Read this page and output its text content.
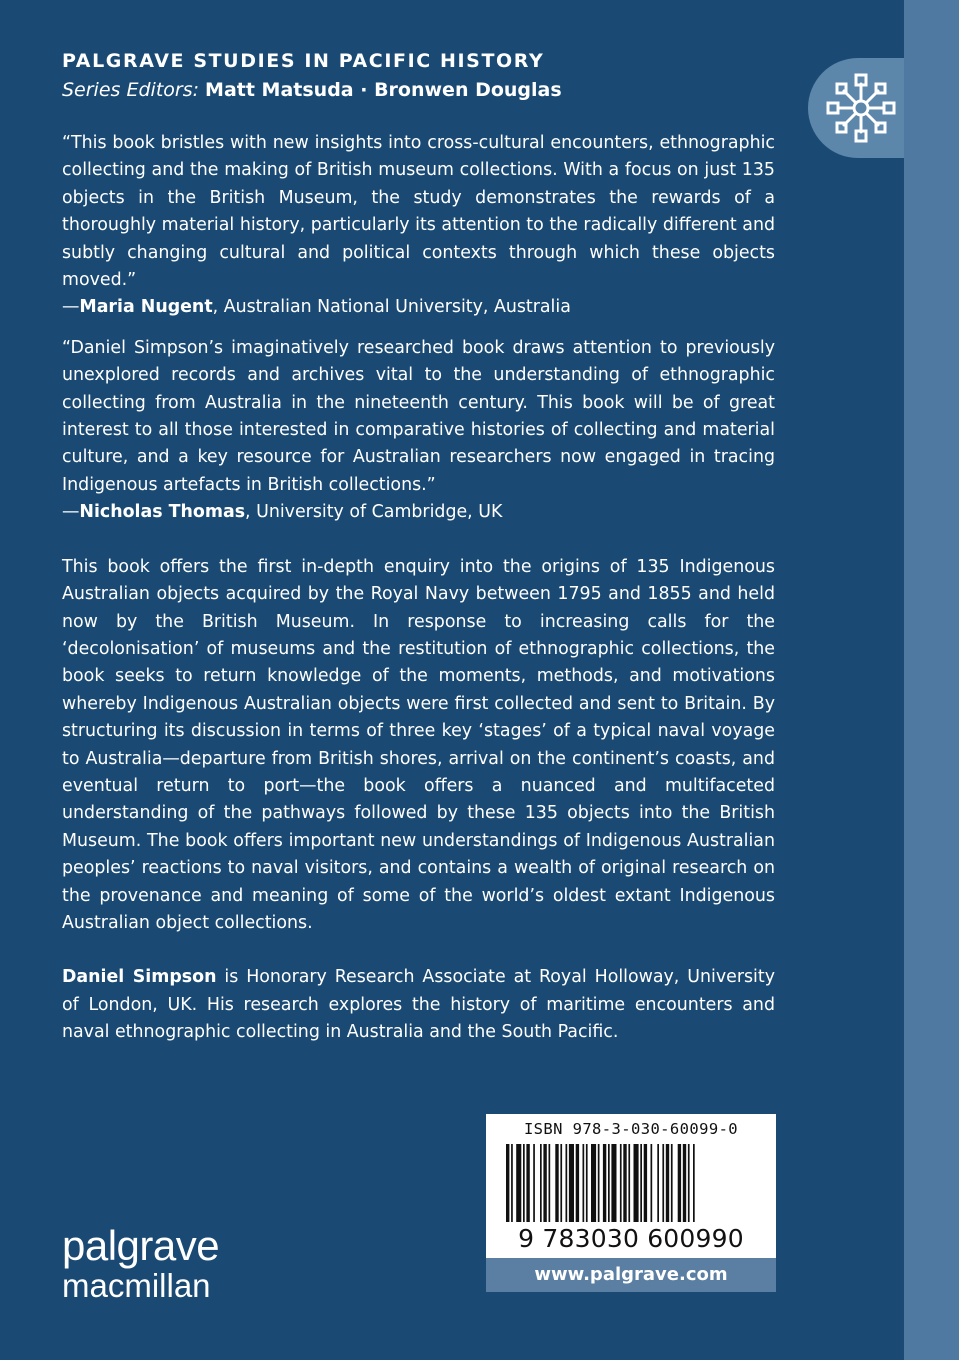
PALGRAVE STUDIES IN PACIFIC HISTORY
Series Editors: Matt Matsuda · Bronwen Douglas

“This book bristles with new insights into cross-cultural encounters, ethnographic collecting and the making of British museum collections. With a focus on just 135 objects in the British Museum, the study demonstrates the rewards of a thoroughly material history, particularly its attention to the radically different and subtly changing cultural and political contexts through which these objects moved.”

—Maria Nugent, Australian National University, Australia

“Daniel Simpson’s imaginatively researched book draws attention to previously unexplored records and archives vital to the understanding of ethnographic collecting from Australia in the nineteenth century. This book will be of great interest to all those interested in comparative histories of collecting and material culture, and a key resource for Australian researchers now engaged in tracing Indigenous artefacts in British collections.”

—Nicholas Thomas, University of Cambridge, UK

This book offers the first in-depth enquiry into the origins of 135 Indigenous Australian objects acquired by the Royal Navy between 1795 and 1855 and held now by the British Museum. In response to increasing calls for the ‘decolonisation’ of museums and the restitution of ethnographic collections, the book seeks to return knowledge of the moments, methods, and motivations whereby Indigenous Australian objects were first collected and sent to Britain. By structuring its discussion in terms of three key ‘stages’ of a typical naval voyage to Australia—departure from British shores, arrival on the continent’s coasts, and eventual return to port—the book offers a nuanced and multifaceted understanding of the pathways followed by these 135 objects into the British Museum. The book offers important new understandings of Indigenous Australian peoples’ reactions to naval visitors, and contains a wealth of original research on the provenance and meaning of some of the world’s oldest extant Indigenous Australian object collections.

Daniel Simpson is Honorary Research Associate at Royal Holloway, University of London, UK. His research explores the history of maritime encounters and naval ethnographic collecting in Australia and the South Pacific.

ISBN 978-3-030-60099-0
9 783030 600990
www.palgrave.com
palgrave
macmillan
